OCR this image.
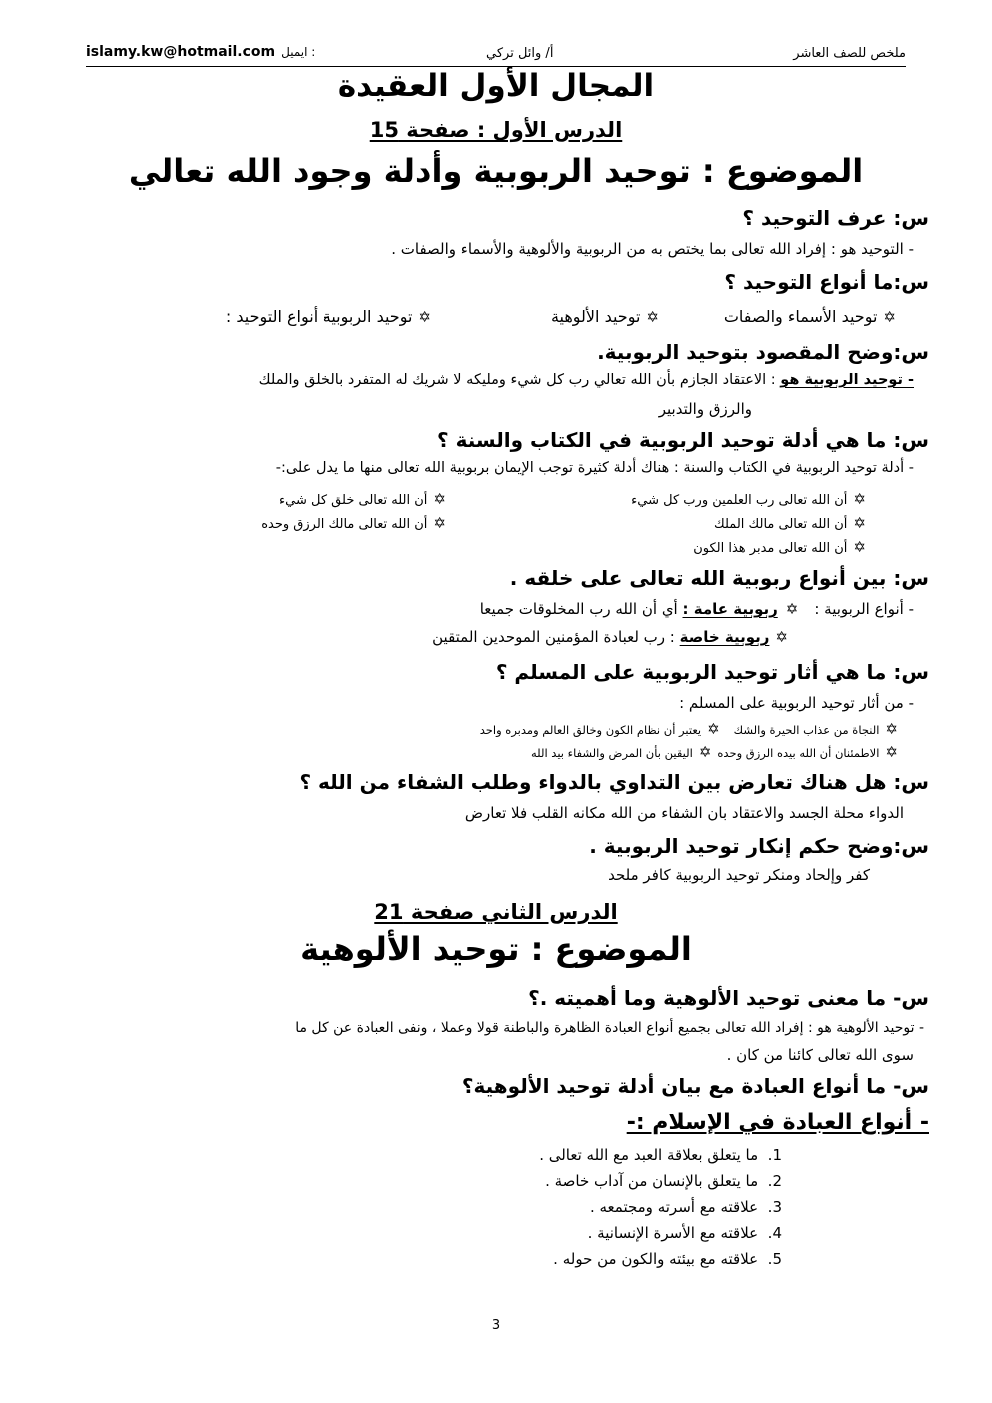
ملخص للصف العاشر
أ/ وائل تركي
islamy.kw@hotmail.com ايميل :
المجال الأول العقيدة
الدرس الأول : صفحة 15
الموضوع : توحيد الربوبية وأدلة وجود الله تعالي
س: عرف التوحيد ؟
- التوحيد هو : إفراد الله تعالى بما يختص به من الربوبية والألوهية والأسماء والصفات .
س:ما أنواع التوحيد ؟
- أنواع التوحيد :	✡توحيد الربوبية	✡توحيد الألوهية	✡توحيد الأسماء والصفات
س:وضح المقصود بتوحيد الربوبية.
- توحيد الربوبية هو : الاعتقاد الجازم بأن الله تعالي رب كل شيء ومليكه لا شريك له المتفرد بالخلق والملك
والرزق والتدبير
س: ما هي أدلة توحيد الربوبية في الكتاب والسنة ؟
- أدلة توحيد الربوبية في الكتاب والسنة : هناك أدلة كثيرة توجب الإيمان بربوبية الله تعالى منها ما يدل على:-
✡أن الله تعالى رب العلمين ورب كل شيء
✡أن الله تعالى خلق كل شيء
✡أن الله تعالى مالك الملك
✡أن الله تعالى مالك الرزق وحده
✡أن الله تعالى مدبر هذا الكون
س: بين أنواع ربوبية الله تعالى على خلقه .
- أنواع الربوبية :✡ربوبية عامة : أي أن الله رب المخلوقات جميعا
✡ربوبية خاصة : رب لعبادة المؤمنين الموحدين المتقين
س: ما هي أثار توحيد الربوبية على المسلم ؟
- من أثار توحيد الربوبية على المسلم :
✡النجاة من عذاب الحيرة والشك✡يعتبر أن نظام الكون وخالق العالم ومدبره واحد
✡الاطمئنان أن الله بيده الرزق وحده✡اليقين بأن المرض والشفاء بيد الله
س: هل هناك تعارض بين التداوي بالدواء وطلب الشفاء من الله ؟
الدواء محلة الجسد والاعتقاد بان الشفاء من الله مكانه القلب فلا تعارض
س:وضح حكم إنكار توحيد الربوبية .
كفر وإلحاد ومنكر توحيد الربوبية كافر ملحد
الدرس الثاني صفحة 21
الموضوع : توحيد الألوهية
س- ما معنى توحيد الألوهية وما أهميته .؟
- توحيد الألوهية هو : إفراد الله تعالى بجميع أنواع العبادة الظاهرة والباطنة قولا وعملا ، ونفى العبادة عن كل ما
سوى الله تعالى كائنا من كان .
س- ما أنواع العبادة مع بيان أدلة توحيد الألوهية؟
- أنواع العبادة في الإسلام :-
1.  ما يتعلق بعلاقة العبد مع الله تعالى .
2.  ما يتعلق بالإنسان من آداب خاصة .
3.  علاقته مع أسرته ومجتمعه .
4.  علاقته مع الأسرة الإنسانية .
5.  علاقته مع بيئته والكون من حوله .
3
